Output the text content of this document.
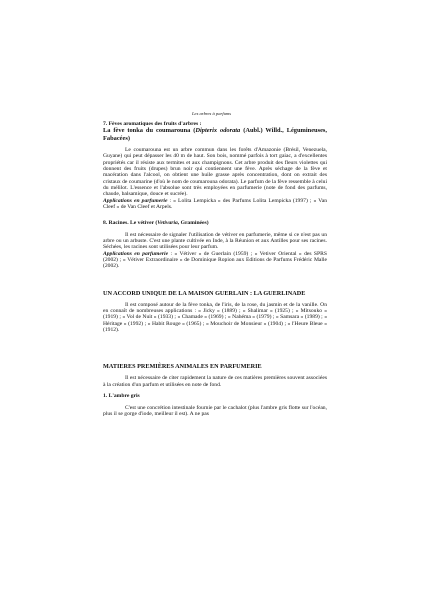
Les arbres à parfums

7. Fèves aromatiques des fruits d'arbres :

La fève tonka du coumarouna (Dipterix odorata (Aubl.) Willd., Légumineuses, Fabacées)

Le coumarouna est un arbre commun dans les forêts d'Amazonie (Brésil, Venezuela, Guyane) qui peut dépasser les 40 m de haut. Son bois, nommé parfois à tort gaiac, a d'excellentes propriétés car il résiste aux termites et aux champignons. Cet arbre produit des fleurs violettes qui donnent des fruits (drupes) brun noir qui contiennent une fève. Après séchage de la fève et macération dans l'alcool, on obtient une huile grasse après concentration, dont on extrait des cristaux de coumarine (d'où le nom de coumarouna odorata). Le parfum de la fève ressemble à celui du mélilot. L'essence et l'absolue sont très employées en parfumerie (note de fond des parfums, chaude, balsamique, douce et sucrée).

Applications en parfumerie : « Lolita Lempicka » des Parfums Lolita Lempicka (1997) ; « Van Cleef » de Van Cleef et Arpels.

8. Racines. Le vétiver (Vetivaria, Graminées)

Il est nécessaire de signaler l'utilisation de vétiver en parfumerie, même si ce n'est pas un arbre ou un arbuste. C'est une plante cultivée en Inde, à la Réunion et aux Antilles pour ses racines. Séchées, les racines sont utilisées pour leur parfum.

Applications en parfumerie : « Vétiver » de Guerlain (1959) ; « Vetiver Oriental » des SPRS (2002) ; « Vétiver Extraordinaire » de Dominique Ropion aux Editions de Parfums Frédéric Malle (2002).

UN ACCORD UNIQUE DE LA MAISON GUERLAIN : LA GUERLINADE

Il est composé autour de la fève tonka, de l'iris, de la rose, du jasmin et de la vanille. On en connaît de nombreuses applications : « Jicky » (1889) ; « Shalimar » (1925) ; « Mitsouko » (1919) ; « Vol de Nuit » (1933) ; « Chamade » (1969) ; « Nahéma » (1979) ; « Samsara » (1989) ; « Héritage » (1992) ; « Habit Rouge » (1965) ; « Mouchoir de Monsieur » (1904) ; « l'Heure Bleue » (1912).

MATIERES PREMIÈRES ANIMALES EN PARFUMERIE

Il est nécessaire de citer rapidement la nature de ces matières premières souvent associées à la création d'un parfum et utilisées en note de fond.

1. L'ambre gris

C'est une concrétion intestinale fournie par le cachalot (plus l'ambre gris flotte sur l'océan, plus il se gorge d'iode, meilleur il est). A ne pas
